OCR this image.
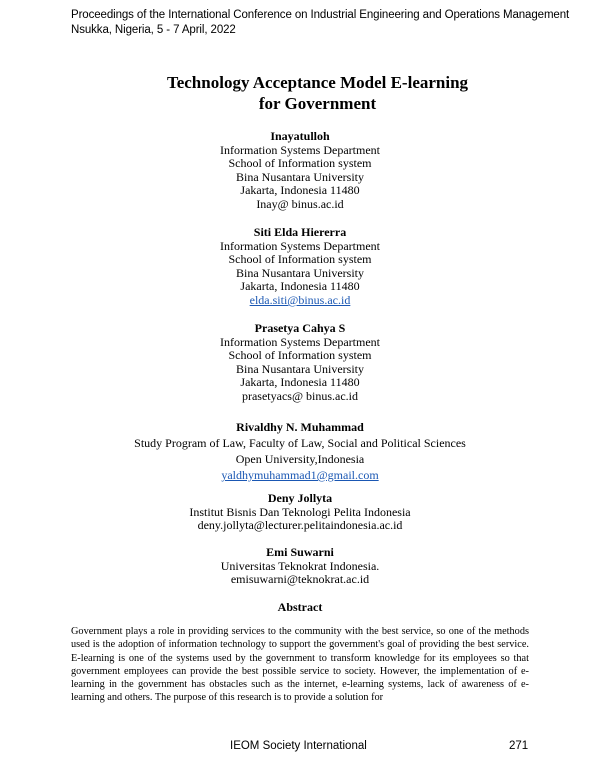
Proceedings of the International Conference on Industrial Engineering and Operations Management
Nsukka, Nigeria, 5 - 7 April, 2022
Technology Acceptance Model E-learning
for Government
Inayatulloh
Information Systems Department
School of Information system
Bina Nusantara University
Jakarta, Indonesia 11480
Inay@ binus.ac.id
Siti Elda Hiererra
Information Systems Department
School of Information system
Bina Nusantara University
Jakarta, Indonesia 11480
elda.siti@binus.ac.id
Prasetya Cahya S
Information Systems Department
School of Information system
Bina Nusantara University
Jakarta, Indonesia 11480
prasetyacs@ binus.ac.id
Rivaldhy N. Muhammad
Study Program of Law, Faculty of Law, Social and Political Sciences
Open University,Indonesia
yaldhymuhammad1@gmail.com
Deny Jollyta
Institut Bisnis Dan Teknologi Pelita Indonesia
deny.jollyta@lecturer.pelitaindonesia.ac.id
Emi Suwarni
Universitas Teknokrat Indonesia.
emisuwarni@teknokrat.ac.id
Abstract
Government plays a role in providing services to the community with the best service, so one of the methods used is the adoption of information technology to support the government's goal of providing the best service. E-learning is one of the systems used by the government to transform knowledge for its employees so that government employees can provide the best possible service to society. However, the implementation of e-learning in the government has obstacles such as the internet, e-learning systems, lack of awareness of e-learning and others. The purpose of this research is to provide a solution for
IEOM Society International	271
